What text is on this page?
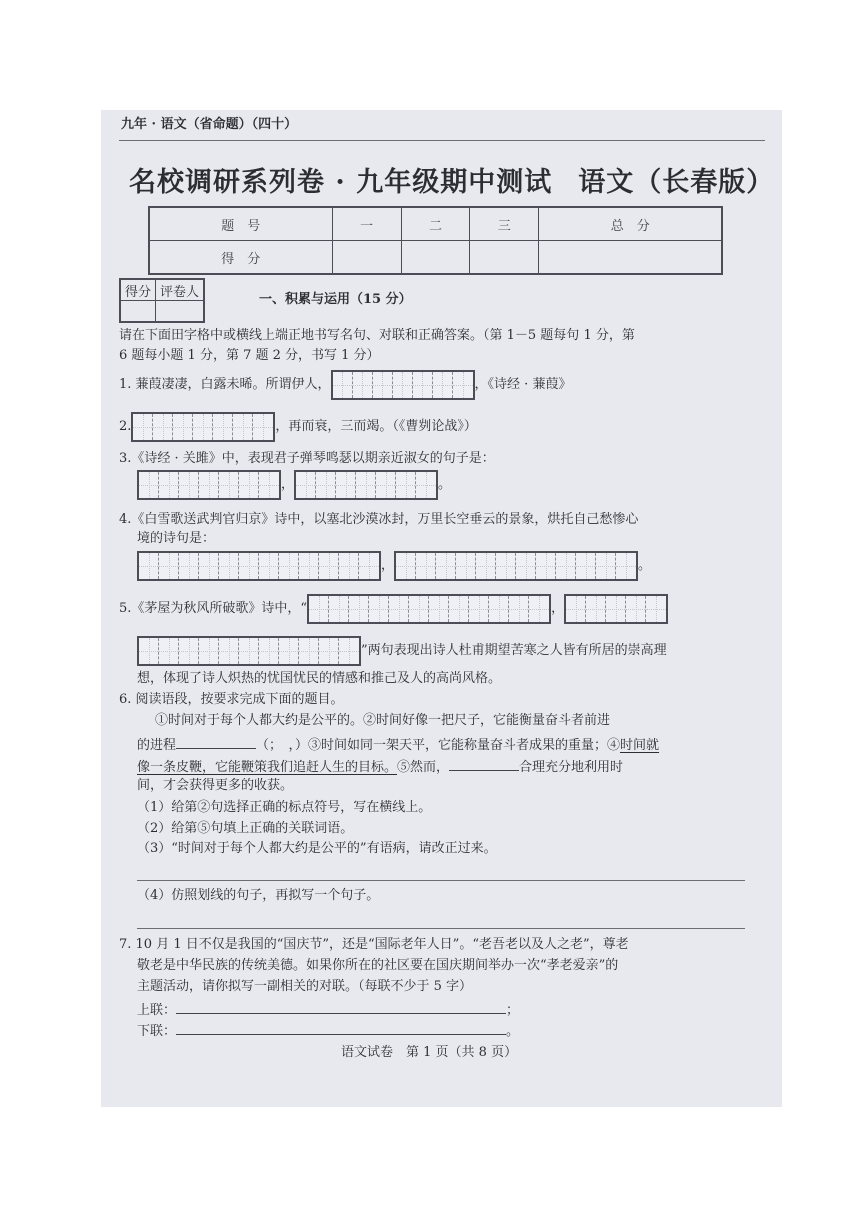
九年 · 语文（省命题）（四十）
名校调研系列卷 · 九年级期中测试 语文（长春版）
题　号	一	二	三	总　分
得　分				
得分	评卷人
		一、积累与运用（15 分）
请在下面田字格中或横线上端正地书写名句、对联和正确答案。（第 1－5 题每句 1 分，第
6 题每小题 1 分，第 7 题 2 分，书写 1 分）
1. 蒹葭凄凄，白露未晞。所谓伊人，	，《诗经 · 蒹葭》
2.	，再而衰，三而竭。（《曹刿论战》）
3.《诗经 · 关雎》中，表现君子弹琴鸣瑟以期亲近淑女的句子是：
，	。
4.《白雪歌送武判官归京》诗中，以塞北沙漠冰封，万里长空垂云的景象，烘托自己愁惨心
境的诗句是：
，	。
5.《茅屋为秋风所破歌》诗中，“	，
”两句表现出诗人杜甫期望苦寒之人皆有所居的崇高理
想，体现了诗人炽热的忧国忧民的情感和推己及人的高尚风格。
6. 阅读语段，按要求完成下面的题目。
①时间对于每个人都大约是公平的。②时间好像一把尺子，它能衡量奋斗者前进
的进程	（；　，）③时间如同一架天平，它能称量奋斗者成果的重量；④时间就
像一条皮鞭，它能鞭策我们追赶人生的目标。⑤然而，	合理充分地利用时
间，才会获得更多的收获。
（1）给第②句选择正确的标点符号，写在横线上。
（2）给第⑤句填上正确的关联词语。
（3）“时间对于每个人都大约是公平的”有语病，请改正过来。
（4）仿照划线的句子，再拟写一个句子。
7. 10 月 1 日不仅是我国的“国庆节”，还是“国际老年人日”。“老吾老以及人之老”，尊老
敬老是中华民族的传统美德。如果你所在的社区要在国庆期间举办一次“孝老爱亲”的
主题活动，请你拟写一副相关的对联。（每联不少于 5 字）
上联：	；
下联：	。
语文试卷　第 1 页（共 8 页）
